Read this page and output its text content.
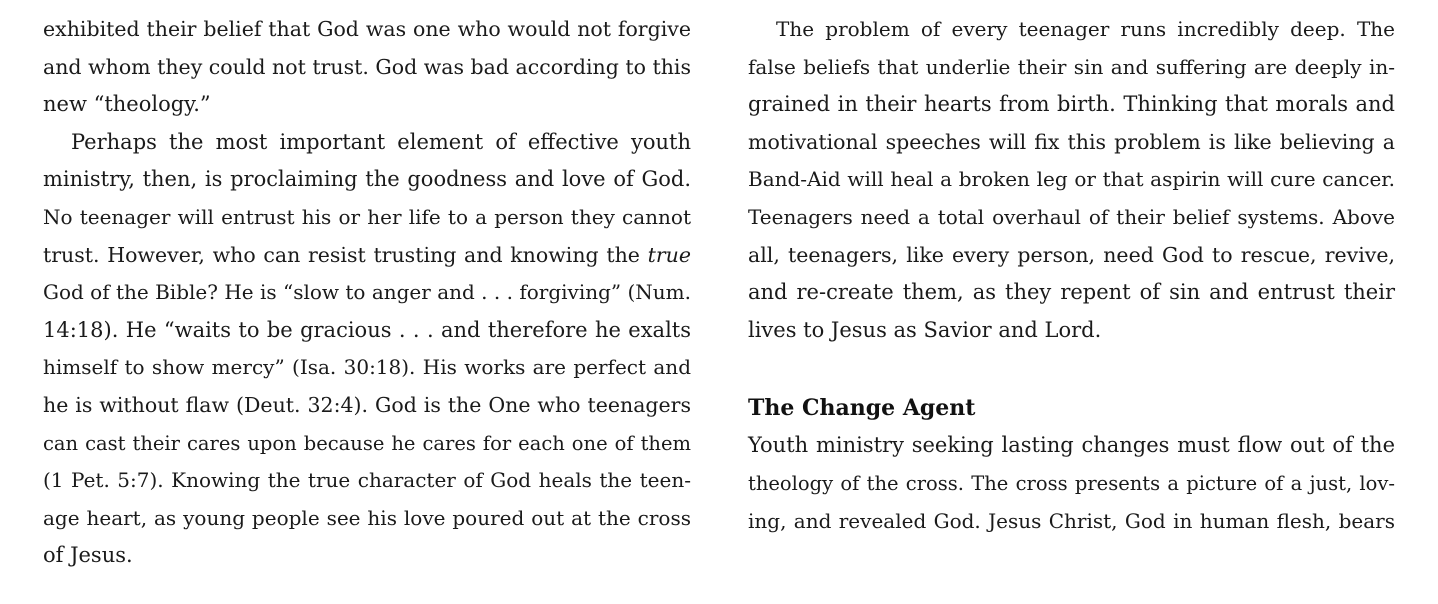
exhibited their belief that God was one who would not forgive
and whom they could not trust. God was bad according to this
new “theology.”

Perhaps the most important element of effective youth
ministry, then, is proclaiming the goodness and love of God.
No teenager will entrust his or her life to a person they cannot
trust. However, who can resist trusting and knowing the true
God of the Bible? He is “slow to anger and . . . forgiving” (Num.
14:18). He “waits to be gracious . . . and therefore he exalts
himself to show mercy” (Isa. 30:18). His works are perfect and
he is without flaw (Deut. 32:4). God is the One who teenagers
can cast their cares upon because he cares for each one of them
(1 Pet. 5:7). Knowing the true character of God heals the teen-
age heart, as young people see his love poured out at the cross
of Jesus.

The problem of every teenager runs incredibly deep. The
false beliefs that underlie their sin and suffering are deeply in-
grained in their hearts from birth. Thinking that morals and
motivational speeches will fix this problem is like believing a
Band-Aid will heal a broken leg or that aspirin will cure cancer.
Teenagers need a total overhaul of their belief systems. Above
all, teenagers, like every person, need God to rescue, revive,
and re-create them, as they repent of sin and entrust their
lives to Jesus as Savior and Lord.

The Change Agent

Youth ministry seeking lasting changes must flow out of the
theology of the cross. The cross presents a picture of a just, lov-
ing, and revealed God. Jesus Christ, God in human flesh, bears
